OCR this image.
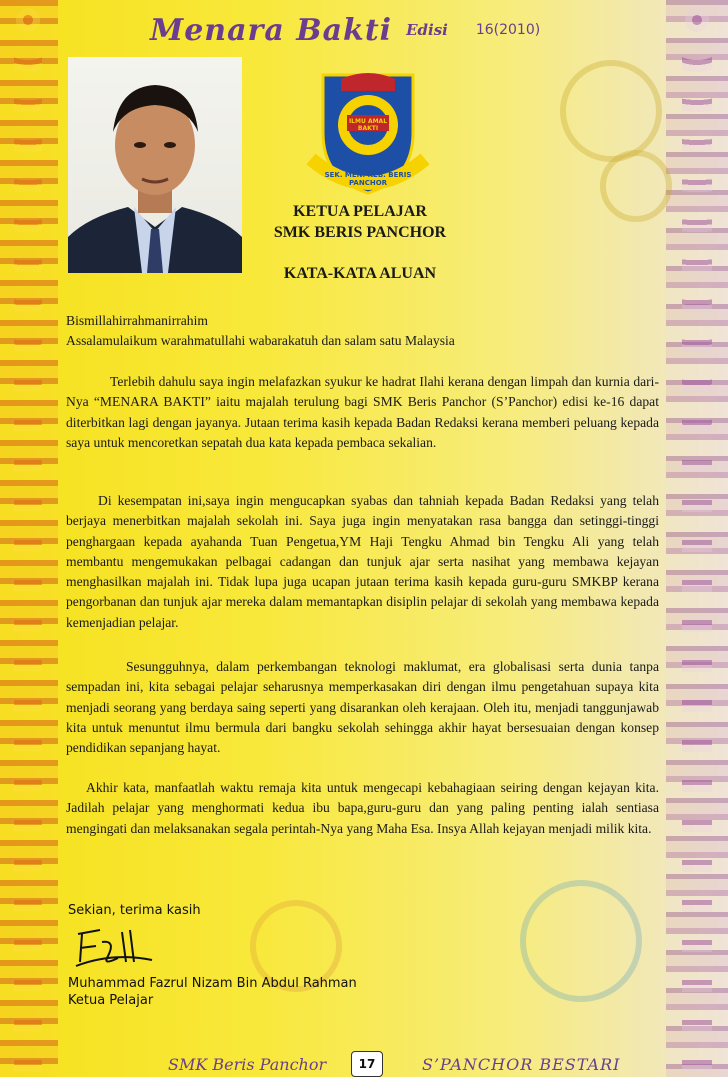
Menara Bakti Edisi 16(2010)
SEK. MEN. KEB. BERIS PANCHOR
ILMU AMAL BAKTI
KETUA PELAJAR
SMK BERIS PANCHOR
KATA-KATA ALUAN

Bismillahirrahmanirrahim

Assalamulaikum warahmatullahi wabarakatuh dan salam satu Malaysia

Terlebih dahulu saya ingin melafazkan syukur ke hadrat Ilahi kerana dengan limpah dan kurnia dari-Nya “MENARA BAKTI” iaitu majalah terulung bagi SMK Beris Panchor (S’Panchor) edisi ke-16 dapat diterbitkan lagi dengan jayanya. Jutaan terima kasih kepada Badan Redaksi kerana memberi peluang kepada saya untuk mencoretkan sepatah dua kata kepada pembaca sekalian.

Di kesempatan ini,saya ingin mengucapkan syabas dan tahniah kepada Badan Redaksi yang telah berjaya menerbitkan majalah sekolah ini. Saya juga ingin menyatakan rasa bangga dan setinggi-tinggi penghargaan kepada ayahanda Tuan Pengetua,YM Haji Tengku Ahmad bin Tengku Ali yang telah membantu mengemukakan pelbagai cadangan dan tunjuk ajar serta nasihat yang membawa kejayan menghasilkan majalah ini. Tidak lupa juga ucapan jutaan terima kasih kepada guru-guru SMKBP kerana pengorbanan dan tunjuk ajar mereka dalam memantapkan disiplin pelajar di sekolah yang membawa kepada kemenjadian pelajar.

Sesungguhnya, dalam perkembangan teknologi maklumat, era globalisasi serta dunia tanpa sempadan ini, kita sebagai pelajar seharusnya memperkasakan diri dengan ilmu pengetahuan supaya kita menjadi seorang yang berdaya saing seperti yang disarankan oleh kerajaan. Oleh itu, menjadi tanggunjawab kita untuk menuntut ilmu bermula dari bangku sekolah sehingga akhir hayat bersesuaian dengan konsep pendidikan sepanjang hayat.

Akhir kata, manfaatlah waktu remaja kita untuk mengecapi kebahagiaan seiring dengan kejayan kita. Jadilah pelajar yang menghormati kedua ibu bapa,guru-guru dan yang paling penting ialah sentiasa mengingati dan melaksanakan segala perintah-Nya yang Maha Esa. Insya Allah kejayan menjadi milik kita.

Sekian, terima kasih
Muhammad Fazrul Nizam Bin Abdul Rahman
Ketua Pelajar
SMK Beris Panchor	17	S’PANCHOR BESTARI
